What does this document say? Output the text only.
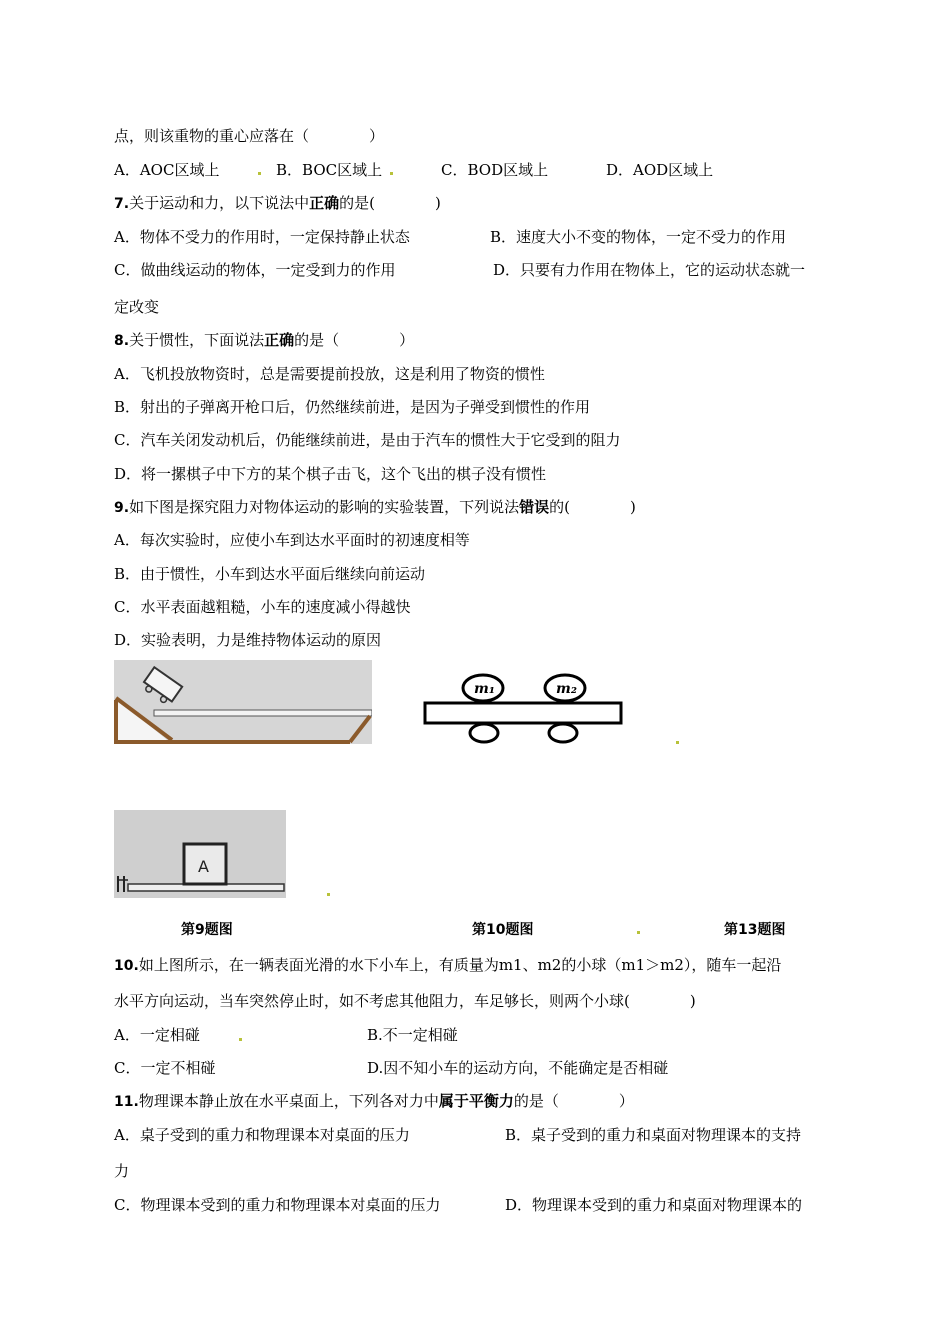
点，则该重物的重心应落在（　　　　）
A．AOC区域上	B．BOC区域上	C．BOD区域上	D．AOD区域上
7.关于运动和力，以下说法中正确的是(　　　　)
A．物体不受力的作用时，一定保持静止状态	B．速度大小不变的物体，一定不受力的作用
C．做曲线运动的物体，一定受到力的作用	D．只要有力作用在物体上，它的运动状态就一
定改变
8.关于惯性，下面说法正确的是（　　　　）
A．飞机投放物资时，总是需要提前投放，这是利用了物资的惯性
B．射出的子弹离开枪口后，仍然继续前进，是因为子弹受到惯性的作用
C．汽车关闭发动机后，仍能继续前进，是由于汽车的惯性大于它受到的阻力
D．将一摞棋子中下方的某个棋子击飞，这个飞出的棋子没有惯性
9.如下图是探究阻力对物体运动的影响的实验装置，下列说法错误的(　　　　)
A．每次实验时，应使小车到达水平面时的初速度相等
B．由于惯性，小车到达水平面后继续向前运动
C．水平表面越粗糙，小车的速度减小得越快
D．实验表明，力是维持物体运动的原因
m₁	m₂
A
第9题图	第10题图	第13题图
10.如上图所示，在一辆表面光滑的水下小车上，有质量为m1、m2的小球（m1＞m2），随车一起沿
水平方向运动，当车突然停止时，如不考虑其他阻力，车足够长，则两个小球(　　　　)
A．一定相碰	B.不一定相碰
C．一定不相碰	D.因不知小车的运动方向，不能确定是否相碰
11.物理课本静止放在水平桌面上，下列各对力中属于平衡力的是（　　　　）
A．桌子受到的重力和物理课本对桌面的压力	B．桌子受到的重力和桌面对物理课本的支持
力
C．物理课本受到的重力和物理课本对桌面的压力	D．物理课本受到的重力和桌面对物理课本的
